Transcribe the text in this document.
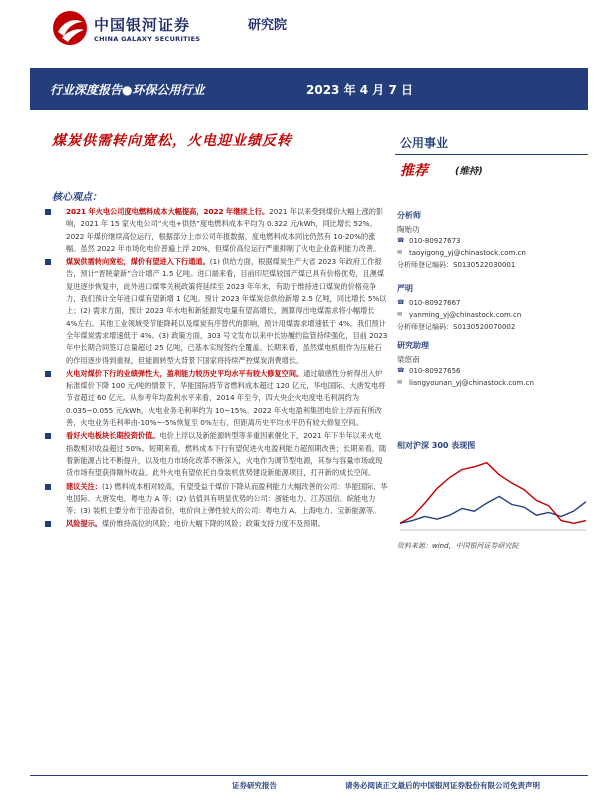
中国银河证券
CHINA GALAXY SECURITIES
研究院
行业深度报告●环保公用行业	2023 年 4 月 7 日
煤炭供需转向宽松，火电迎业绩反转	公用事业
推荐	(维持)
核心观点：
2021 年火电公司度电燃料成本大幅提高，2022 年继续上行。2021 年以来受到煤价大幅上涨的影响，2021 年 15 家火电公司“火电+供热”度电燃料成本平均为 0.322 元/kWh，同比增长 52%。2022 年煤价继续高位运行，根据部分上市公司年报数据，度电燃料成本同比仍然有 10-20%的涨幅。虽然 2022 年市场化电价普遍上浮 20%，但煤价高位运行严重抑制了火电企业盈利能力改善。
煤炭供需转向宽松，煤价有望进入下行通道。(1) 供给方面，根据煤炭生产大省 2023 年政府工作报告，预计“晋陕蒙新”合计增产 1.5 亿吨。进口端来看，目前印尼煤较国产煤已具有价格优势，且澳煤复进逐步恢复中，此外进口煤零关税政策将延续至 2023 年年末，有助于维持进口煤炭的价格竞争力，我们预计全年进口煤有望新增 1 亿吨。预计 2023 年煤炭总供给新增 2.5 亿吨，同比增长 5%以上；(2) 需求方面，预计 2023 年水电和新能源发电量有望高增长，测算得出电煤需求将小幅增长 4%左右。其他工业领域受节能降耗以及煤炭有序替代的影响，预计用煤需求增速低于 4%。我们预计全年煤炭需求增速低于 4%。(3) 政策方面，303 号文发布以来中长协履约监管持续强化，目前 2023 年中长期合同签订总量超过 25 亿吨，已基本实现签约全覆盖。长期来看，虽然煤电机组作为压舱石的作用逐步得到重视，但能源转型大背景下国家将持续严控煤炭消费增长。
火电对煤价下行的业绩弹性大，盈利能力较历史平均水平有较大修复空间。通过敏感性分析得出入炉标准煤价下降 100 元/吨的情景下，华能国际将节省燃料成本超过 120 亿元，华电国际、大唐发电将节省超过 60 亿元。从参考年均盈利水平来看，2014 年至今，四大央企火电度电毛利润约为 0.035~0.055 元/kWh，火电业务毛利率约为 10~15%。2022 年火电盈利集团电价上浮而有所改善，火电业务毛利率由-10%~-5%恢复至 0%左右，但距离历史平均水平仍有较大修复空间。
看好火电板块长期投资价值。电价上浮以及新能源转型等多重因素催化下，2021 年下半年以来火电指数相对收益超过 50%。短期来看，燃料成本下行有望促进火电盈利能力超预期改善；长期来看，随着新能源占比不断提升，以及电力市场化改革不断深入，火电作为调节型电源，其参与容量市场或现货市场有望获得额外收益。此外火电有望依托自身装机优势建设新能源项目，打开新的成长空间。
建议关注：(1) 燃料成本相对较高，有望受益于煤价下降从而盈利能力大幅改善的公司：华能国际、华电国际、大唐发电、粤电力 A 等；(2) 估值具有明显优势的公司：浙能电力、江苏国信、皖能电力等；(3) 装机主要分布于沿海省份，电价向上弹性较大的公司：粤电力 A、上海电力、宝新能源等。
风险提示。煤价维持高位的风险；电价大幅下降的风险；政策支持力度不及预期。
分析师
陶贻功
☎ 010-80927673
✉ taoyigong_yj@chinastock.com.cn
分析师登记编码：S0130522030001
严明
☎ 010-80927667
✉ yanming_yj@chinastock.com.cn
分析师登记编码：S0130520070002
研究助理
梁悠南
☎ 010-80927656
✉ liangyounan_yj@chinastock.com.cn
相对沪深 300 表现图
资料来源：wind，中国银河证券研究院
证券研究报告	请务必阅读正文最后的中国银河证券股份有限公司免责声明
